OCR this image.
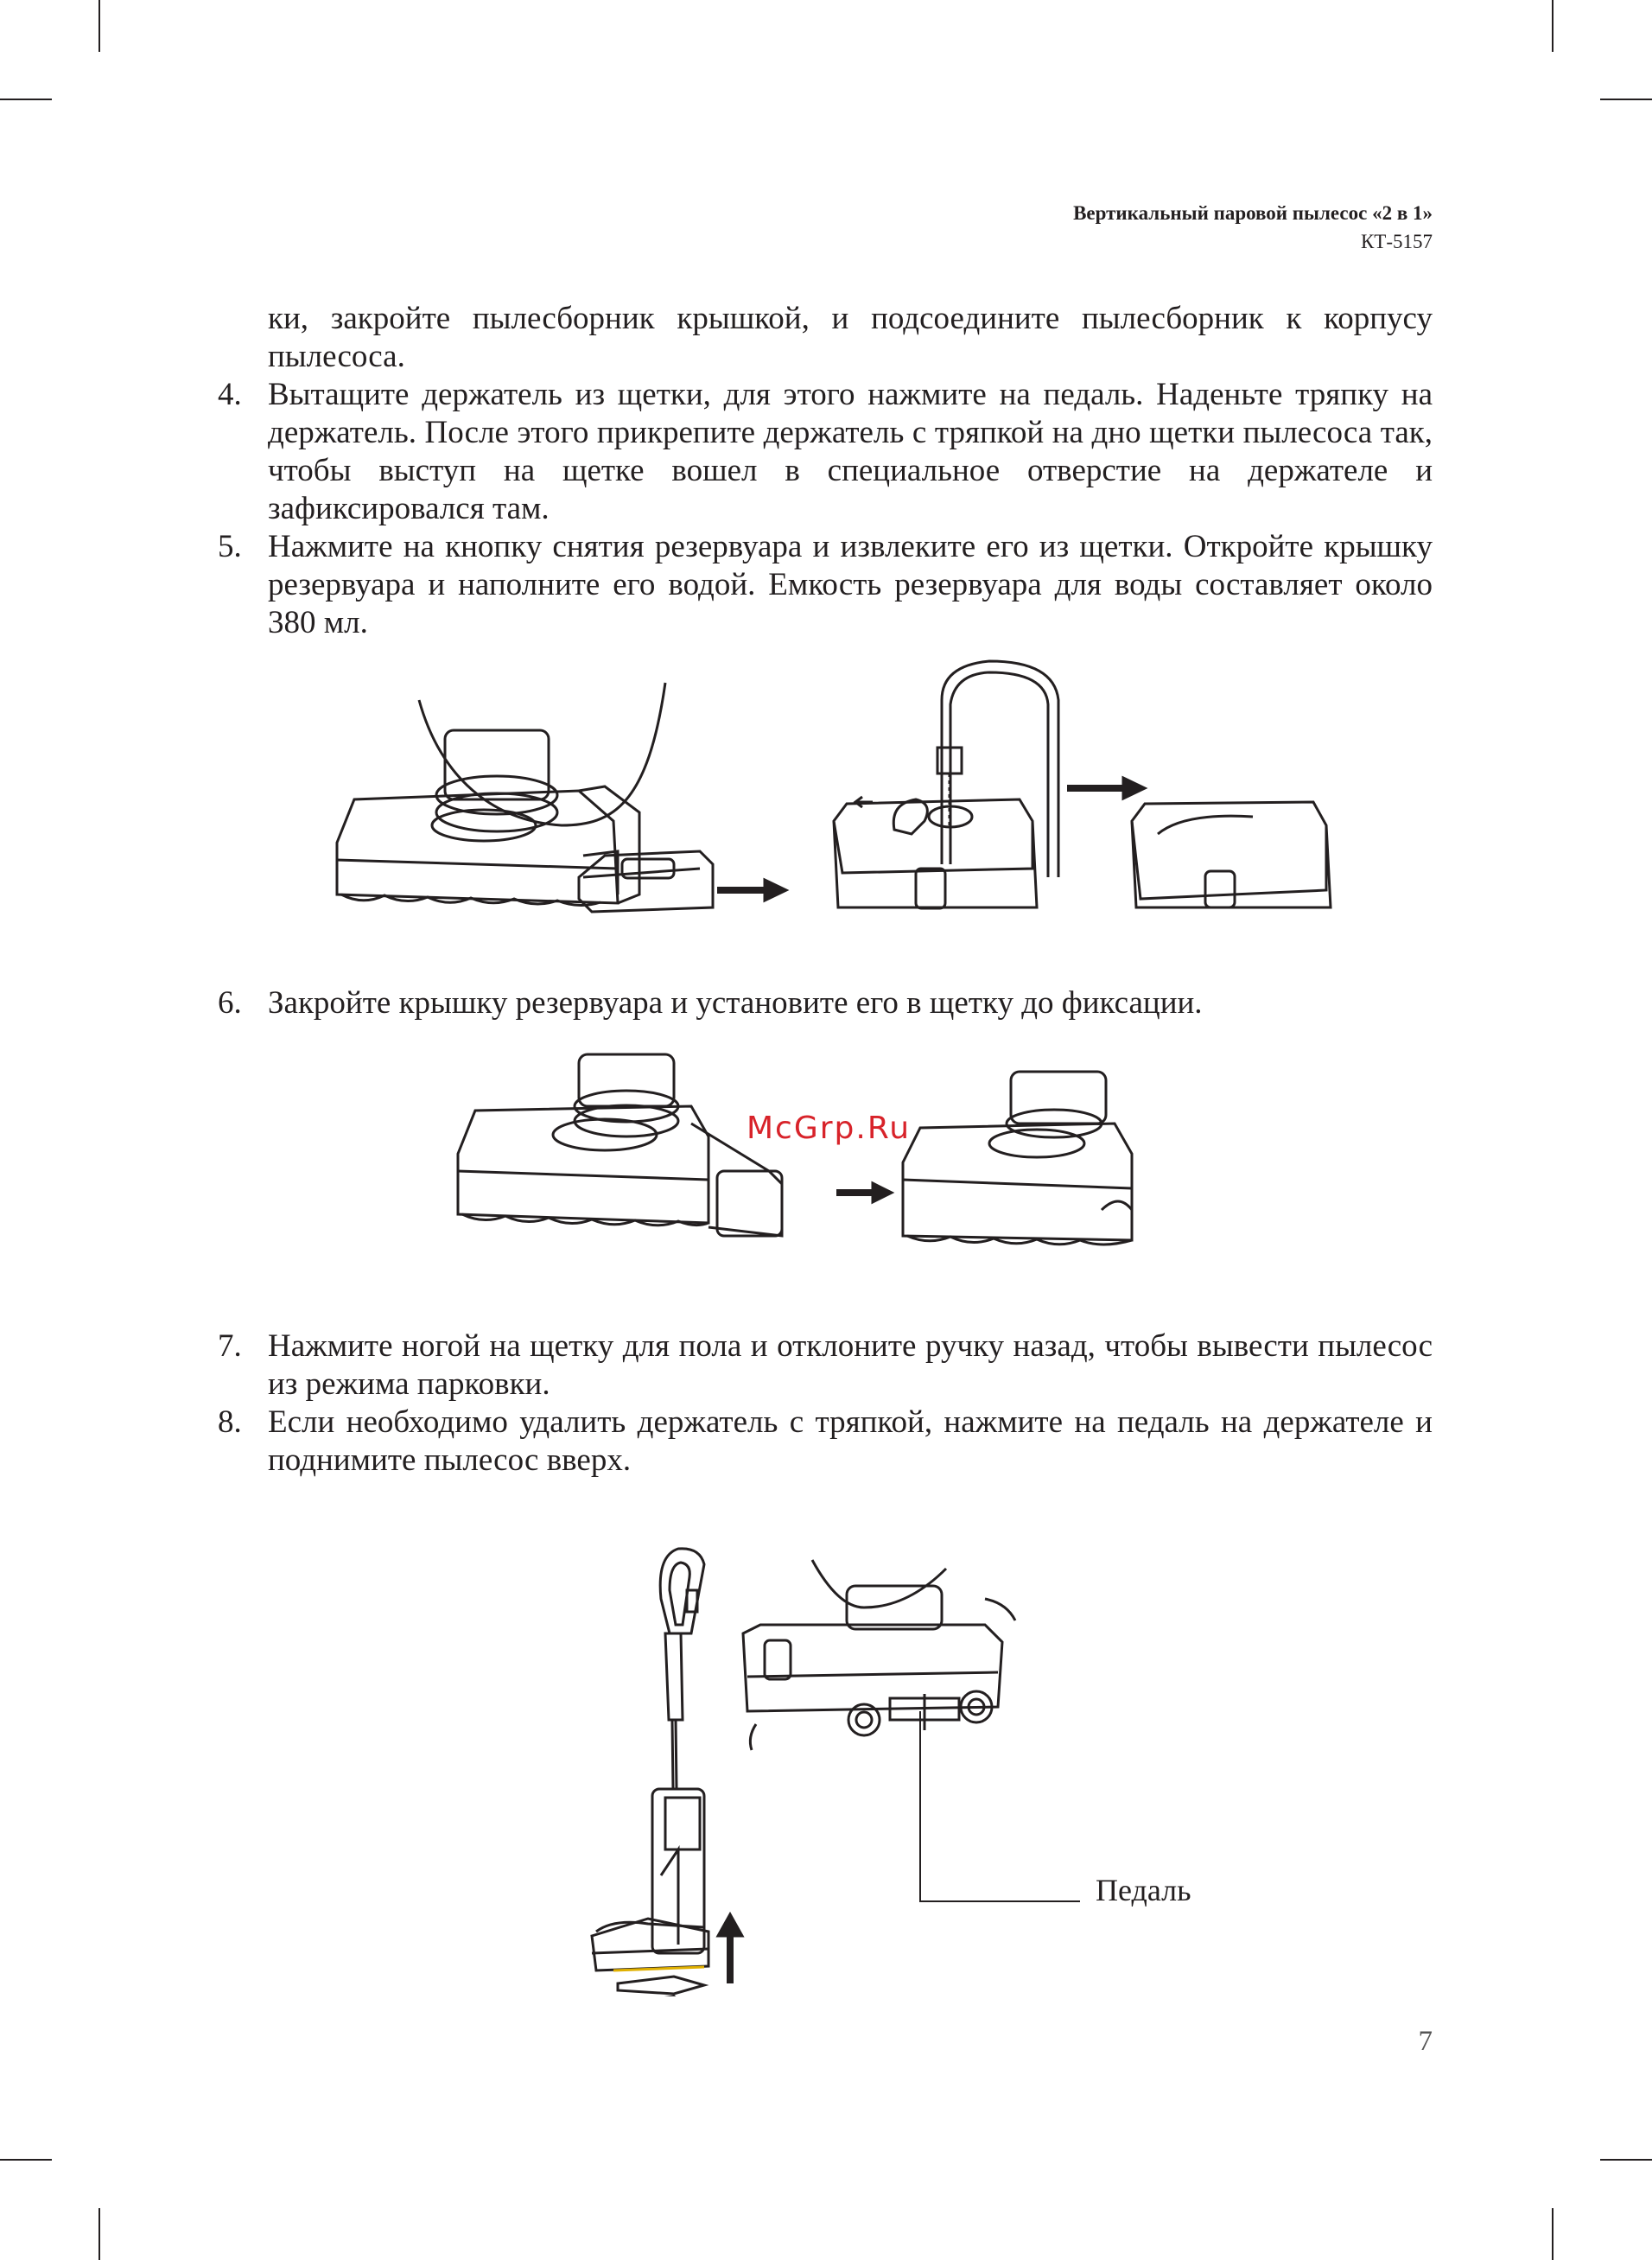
Вертикальный паровой пылесос «2 в 1»
КТ-5157
ки, закройте пылесборник крышкой, и подсоедините пылесборник к корпусу пылесоса.
4. Вытащите держатель из щетки, для этого нажмите на педаль. Наденьте тряпку на держатель. После этого прикрепите держатель с тряпкой на дно щетки пылесоса так, чтобы выступ на щетке вошел в специальное отверстие на держателе и зафиксировался там.
5. Нажмите на кнопку снятия резервуара и извлеките его из щетки. Откройте крышку резервуара и наполните его водой. Емкость резервуара для воды составляет около 380 мл.
6. Закройте крышку резервуара и установите его в щетку до фиксации.
McGrp.Ru
7. Нажмите ногой на щетку для пола и отклоните ручку назад, чтобы вывести пылесос из режима парковки.
8. Если необходимо удалить держатель с тряпкой, нажмите на педаль на держателе и поднимите пылесос вверх.
Педаль
7
